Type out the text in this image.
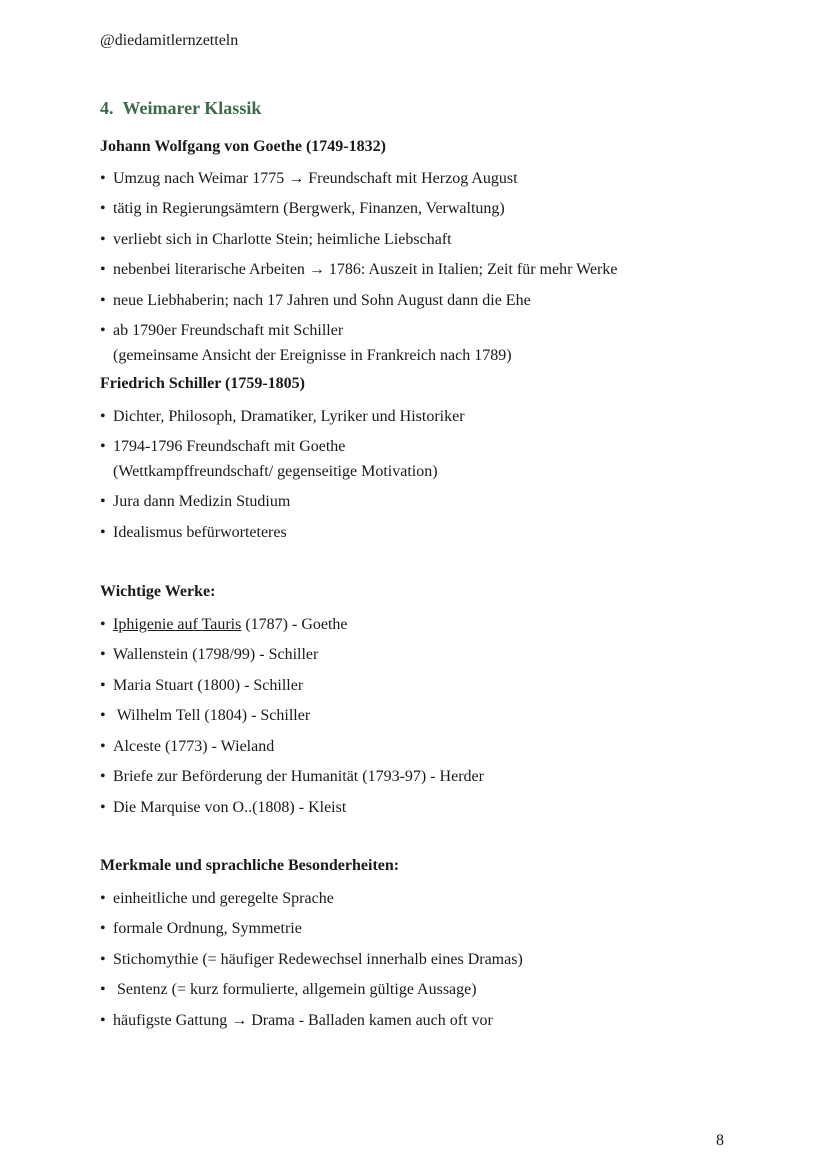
@diedamitlernzetteln
4. Weimarer Klassik
Johann Wolfgang von Goethe (1749-1832)
• Umzug nach Weimar 1775 → Freundschaft mit Herzog August
• tätig in Regierungsämtern (Bergwerk, Finanzen, Verwaltung)
• verliebt sich in Charlotte Stein; heimliche Liebschaft
• nebenbei literarische Arbeiten → 1786: Auszeit in Italien; Zeit für mehr Werke
• neue Liebhaberin; nach 17 Jahren und Sohn August dann die Ehe
• ab 1790er Freundschaft mit Schiller
(gemeinsame Ansicht der Ereignisse in Frankreich nach 1789)
Friedrich Schiller (1759-1805)
• Dichter, Philosoph, Dramatiker, Lyriker und Historiker
• 1794-1796 Freundschaft mit Goethe
(Wettkampffreundschaft/ gegenseitige Motivation)
• Jura dann Medizin Studium
• Idealismus befürworteteres
Wichtige Werke:
• Iphigenie auf Tauris (1787) - Goethe
• Wallenstein (1798/99) - Schiller
• Maria Stuart (1800) - Schiller
• Wilhelm Tell (1804) - Schiller
• Alceste (1773) - Wieland
• Briefe zur Beförderung der Humanität (1793-97) - Herder
• Die Marquise von O..(1808) - Kleist
Merkmale und sprachliche Besonderheiten:
• einheitliche und geregelte Sprache
• formale Ordnung, Symmetrie
• Stichomythie (= häufiger Redewechsel innerhalb eines Dramas)
• Sentenz (= kurz formulierte, allgemein gültige Aussage)
• häufigste Gattung → Drama - Balladen kamen auch oft vor
8
